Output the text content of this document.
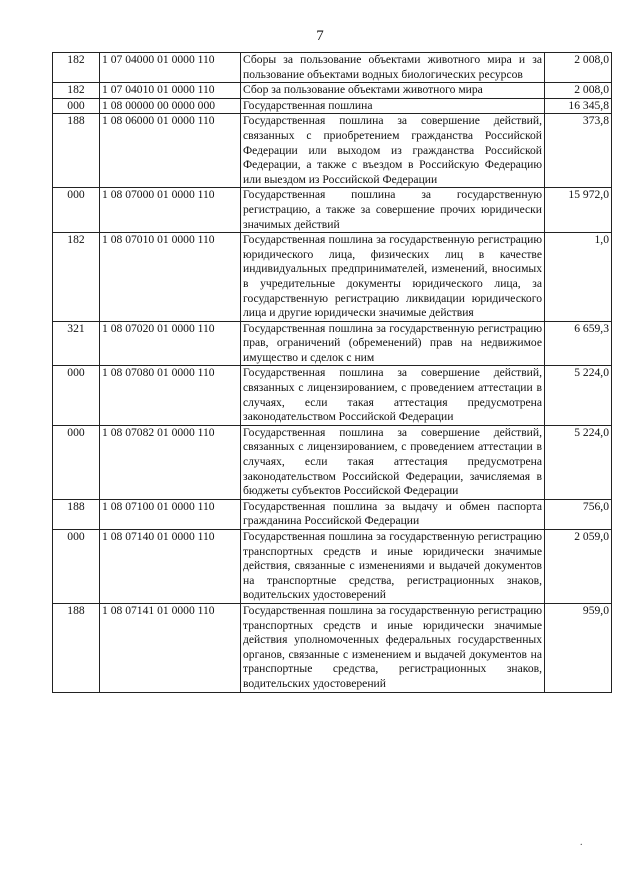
7
182	1 07 04000 01 0000 110	Сборы за пользование объектами животного мира и за пользование объектами водных биологических ресурсов	2 008,0
182	1 07 04010 01 0000 110	Сбор за пользование объектами животного мира	2 008,0
000	1 08 00000 00 0000 000	Государственная пошлина	16 345,8
188	1 08 06000 01 0000 110	Государственная пошлина за совершение действий, связанных с приобретением гражданства Российской Федерации или выходом из гражданства Российской Федерации, а также с въездом в Российскую Федерацию или выездом из Российской Федерации	373,8
000	1 08 07000 01 0000 110	Государственная пошлина за государственную регистрацию, а также за совершение прочих юридически значимых действий	15 972,0
182	1 08 07010 01 0000 110	Государственная пошлина за государственную регистрацию юридического лица, физических лиц в качестве индивидуальных предпринимателей, изменений, вносимых в учредительные документы юридического лица, за государственную регистрацию ликвидации юридического лица и другие юридически значимые действия	1,0
321	1 08 07020 01 0000 110	Государственная пошлина за государственную регистрацию прав, ограничений (обременений) прав на недвижимое имущество и сделок с ним	6 659,3
000	1 08 07080 01 0000 110	Государственная пошлина за совершение действий, связанных с лицензированием, с проведением аттестации в случаях, если такая аттестация предусмотрена законодательством Российской Федерации	5 224,0
000	1 08 07082 01 0000 110	Государственная пошлина за совершение действий, связанных с лицензированием, с проведением аттестации в случаях, если такая аттестация предусмотрена законодательством Российской Федерации, зачисляемая в бюджеты субъектов Российской Федерации	5 224,0
188	1 08 07100 01 0000 110	Государственная пошлина за выдачу и обмен паспорта гражданина Российской Федерации	756,0
000	1 08 07140 01 0000 110	Государственная пошлина за государственную регистрацию транспортных средств и иные юридически значимые действия, связанные с изменениями и выдачей документов на транспортные средства, регистрационных знаков, водительских удостоверений	2 059,0
188	1 08 07141 01 0000 110	Государственная пошлина за государственную регистрацию транспортных средств и иные юридически значимые действия уполномоченных федеральных государственных органов, связанные с изменением и выдачей документов на транспортные средства, регистрационных знаков, водительских удостоверений	959,0
.
